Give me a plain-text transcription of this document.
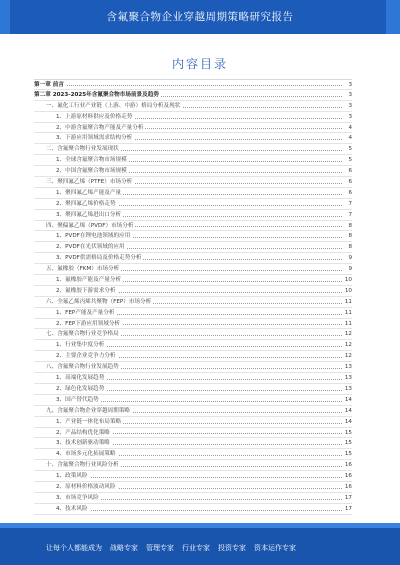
含氟聚合物企业穿越周期策略研究报告
内容目录
第一章 前言	3
第二章 2023-2025年含氟聚合物市场前景及趋势	3
一、氟化工行业产业链（上游、中游）格局分析及现状	3
1、上游原材料供应及价格走势	3
2、中游含氟聚合物产能及产量分析	4
3、下游应用领域需求结构分析	4
二、含氟聚合物行业发展现状	5
1、全球含氟聚合物市场规模	5
2、中国含氟聚合物市场规模	6
三、聚四氟乙烯（PTFE）市场分析	6
1、聚四氟乙烯产能及产量	6
2、聚四氟乙烯价格走势	7
3、聚四氟乙烯进出口分析	7
四、聚偏氟乙烯（PVDF）市场分析	8
1、PVDF在锂电池领域的应用	8
2、PVDF在光伏领域的应用	8
3、PVDF供需格局及价格走势分析	9
五、氟橡胶（FKM）市场分析	9
1、氟橡胶产能及产量分析	10
2、氟橡胶下游需求分析	10
六、全氟乙烯丙烯共聚物（FEP）市场分析	11
1、FEP产能及产量分析	11
2、FEP下游应用领域分析	11
七、含氟聚合物行业竞争格局	12
1、行业集中度分析	12
2、主要企业竞争力分析	12
八、含氟聚合物行业发展趋势	13
1、高端化发展趋势	13
2、绿色化发展趋势	13
3、国产替代趋势	14
九、含氟聚合物企业穿越周期策略	14
1、产业链一体化布局策略	14
2、产品结构优化策略	15
3、技术创新驱动策略	15
4、市场多元化拓展策略	15
十、含氟聚合物行业风险分析	16
1、政策风险	16
2、原材料价格波动风险	16
3、市场竞争风险	17
4、技术风险	17
让每个人都能成为 战略专家 管理专家 行业专家 投资专家 资本运作专家
